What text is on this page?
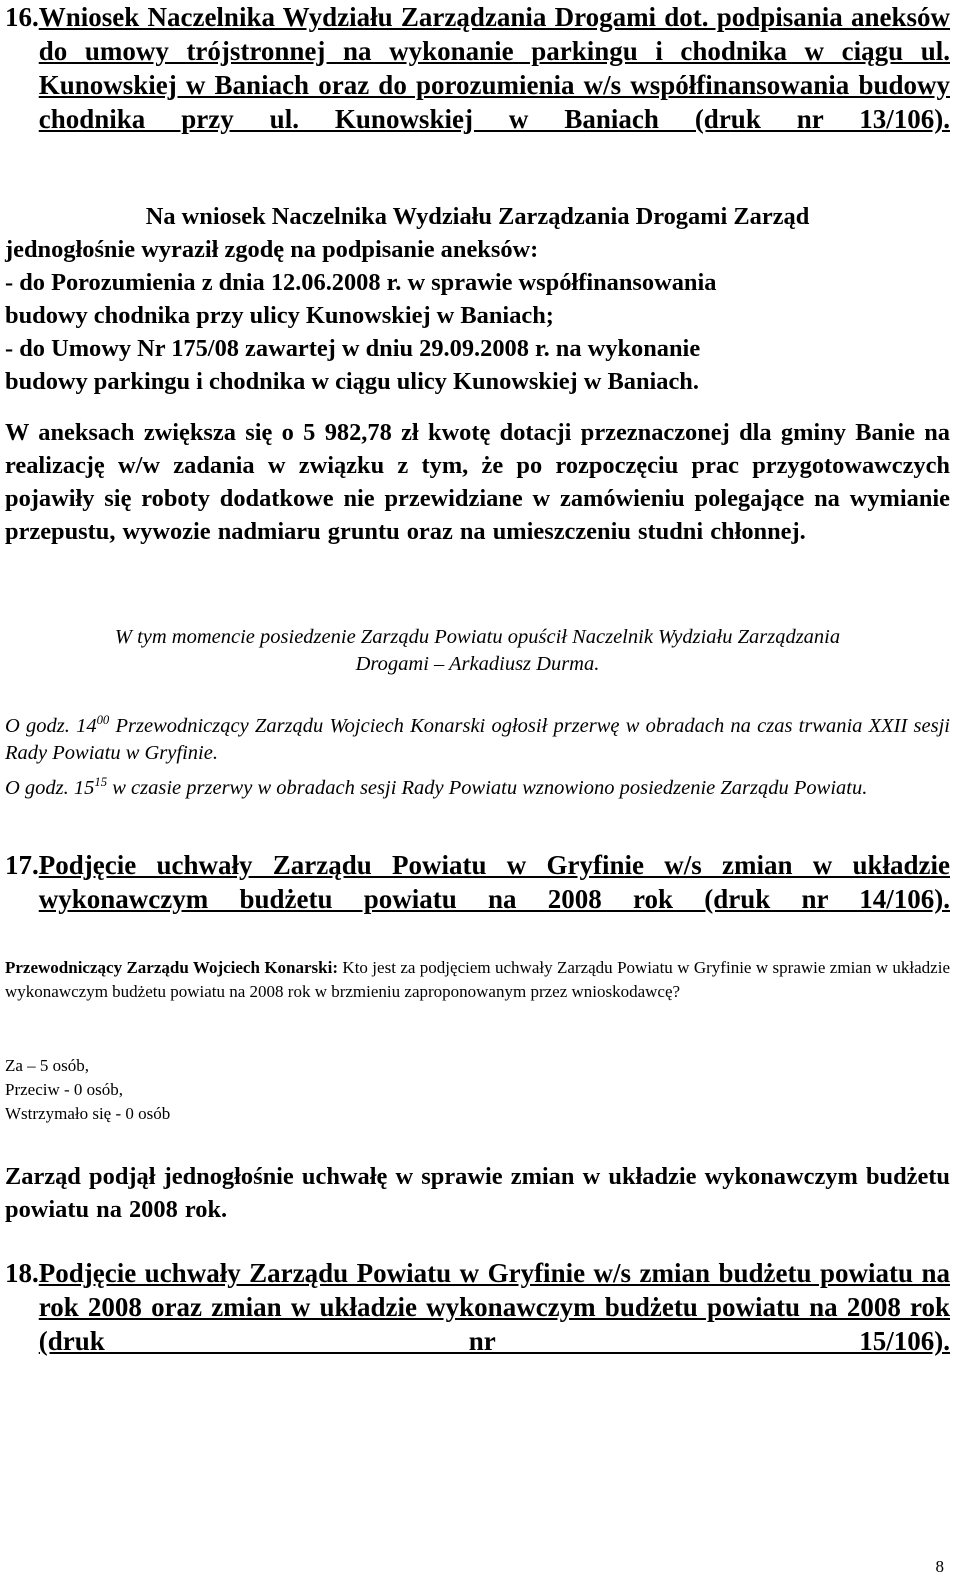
16. Wniosek Naczelnika Wydziału Zarządzania Drogami dot. podpisania aneksów do umowy trójstronnej na wykonanie parkingu i chodnika w ciągu ul. Kunowskiej w Baniach oraz do porozumienia w/s współfinansowania budowy chodnika przy ul. Kunowskiej w Baniach (druk nr 13/106).
Na wniosek Naczelnika Wydziału Zarządzania Drogami Zarząd
jednogłośnie wyraził zgodę na podpisanie aneksów:
- do Porozumienia z dnia 12.06.2008 r. w sprawie współfinansowania
budowy chodnika przy ulicy Kunowskiej w Baniach;
- do Umowy Nr 175/08 zawartej w dniu 29.09.2008 r. na wykonanie
budowy parkingu i chodnika w ciągu ulicy Kunowskiej w Baniach.
W aneksach zwiększa się o 5 982,78 zł kwotę dotacji przeznaczonej dla gminy Banie na realizację w/w zadania w związku z tym, że po rozpoczęciu prac przygotowawczych pojawiły się roboty dodatkowe nie przewidziane w zamówieniu polegające na wymianie przepustu, wywozie nadmiaru gruntu oraz na umieszczeniu studni chłonnej.
W tym momencie posiedzenie Zarządu Powiatu opuścił Naczelnik Wydziału Zarządzania
Drogami – Arkadiusz Durma.
O godz. $14^{00}$ Przewodniczący Zarządu Wojciech Konarski ogłosił przerwę w obradach na czas trwania XXII sesji Rady Powiatu w Gryfinie.
O godz. $15^{15}$ w czasie przerwy w obradach sesji Rady Powiatu wznowiono posiedzenie Zarządu Powiatu.
17. Podjęcie uchwały Zarządu Powiatu w Gryfinie w/s zmian w układzie wykonawczym budżetu powiatu na 2008 rok (druk nr 14/106).
Przewodniczący Zarządu Wojciech Konarski: Kto jest za podjęciem uchwały Zarządu Powiatu w Gryfinie w sprawie zmian w układzie wykonawczym budżetu powiatu na 2008 rok w brzmieniu zaproponowanym przez wnioskodawcę?
Za – 5 osób,
Przeciw - 0 osób,
Wstrzymało się - 0 osób
Zarząd podjął jednogłośnie uchwałę w sprawie zmian w układzie wykonawczym budżetu powiatu na 2008 rok.
18. Podjęcie uchwały Zarządu Powiatu w Gryfinie w/s zmian budżetu powiatu na rok 2008 oraz zmian w układzie wykonawczym budżetu powiatu na 2008 rok (druk nr 15/106).
8
